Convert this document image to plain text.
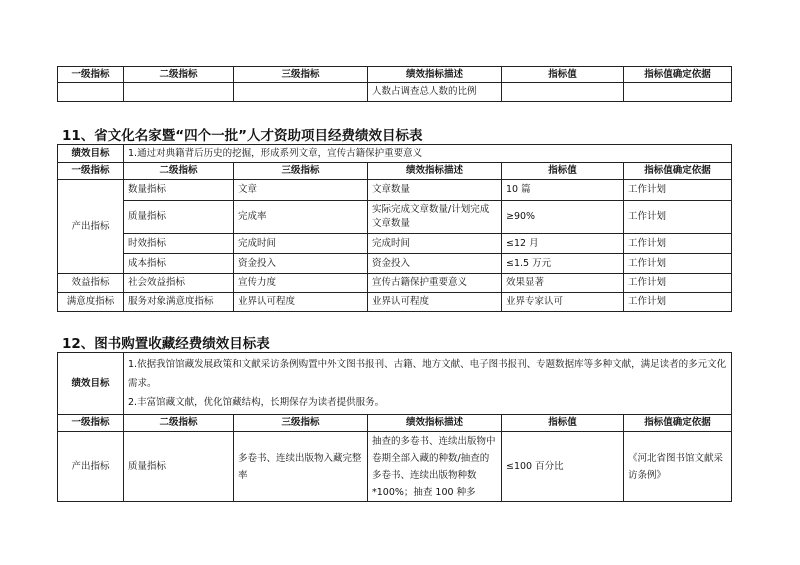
一级指标	二级指标	三级指标	绩效指标描述	指标值	指标值确定依据
			人数占调查总人数的比例		
11、省文化名家暨“四个一批”人才资助项目经费绩效目标表
绩效目标	1.通过对典籍背后历史的挖掘，形成系列文章，宣传古籍保护重要意义				
一级指标	二级指标	三级指标	绩效指标描述	指标值	指标值确定依据
产出指标	数量指标	文章	文章数量	10 篇	工作计划
	质量指标	完成率	实际完成文章数量/计划完成文章数量	≥90%	工作计划
	时效指标	完成时间	完成时间	≤12 月	工作计划
	成本指标	资金投入	资金投入	≤1.5 万元	工作计划
效益指标	社会效益指标	宣传力度	宣传古籍保护重要意义	效果显著	工作计划
满意度指标	服务对象满意度指标	业界认可程度	业界认可程度	业界专家认可	工作计划
12、图书购置收藏经费绩效目标表
绩效目标	1.依据我馆馆藏发展政策和文献采访条例购置中外文图书报刊、古籍、地方文献、电子图书报刊、专题数据库等多种文献，满足读者的多元文化需求。
2.丰富馆藏文献，优化馆藏结构，长期保存为读者提供服务。				

一级指标	二级指标	三级指标	绩效指标描述	指标值	指标值确定依据
产出指标	质量指标	多卷书、连续出版物入藏完整率	抽查的多卷书、连续出版物中卷期全部入藏的种数/抽查的多卷书、连续出版物种数*100%；抽查 100 种多	≤100 百分比	《河北省图书馆文献采访条例》
